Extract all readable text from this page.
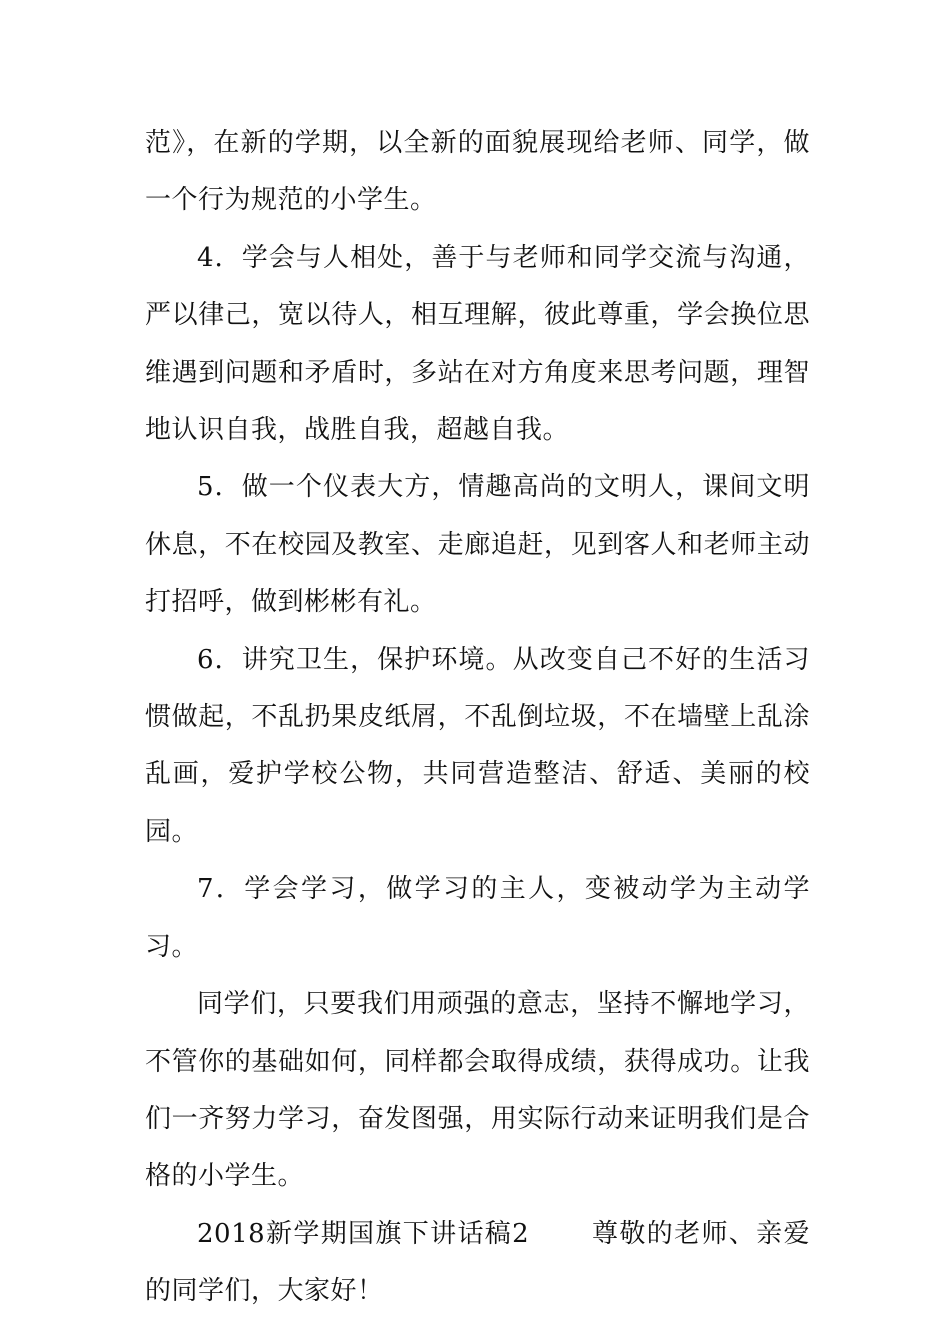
范》，在新的学期，以全新的面貌展现给老师、同学，做一个行为规范的小学生。

4．学会与人相处，善于与老师和同学交流与沟通，严以律己，宽以待人，相互理解，彼此尊重，学会换位思维遇到问题和矛盾时，多站在对方角度来思考问题，理智地认识自我，战胜自我，超越自我。

5．做一个仪表大方，情趣高尚的文明人，课间文明休息，不在校园及教室、走廊追赶，见到客人和老师主动打招呼，做到彬彬有礼。

6．讲究卫生，保护环境。从改变自己不好的生活习惯做起，不乱扔果皮纸屑，不乱倒垃圾，不在墙壁上乱涂乱画，爱护学校公物，共同营造整洁、舒适、美丽的校园。

7．学会学习，做学习的主人，变被动学为主动学习。

同学们，只要我们用顽强的意志，坚持不懈地学习，不管你的基础如何，同样都会取得成绩，获得成功。让我们一齐努力学习，奋发图强，用实际行动来证明我们是合格的小学生。

2018新学期国旗下讲话稿2 尊敬的老师、亲爱的同学们，大家好！
